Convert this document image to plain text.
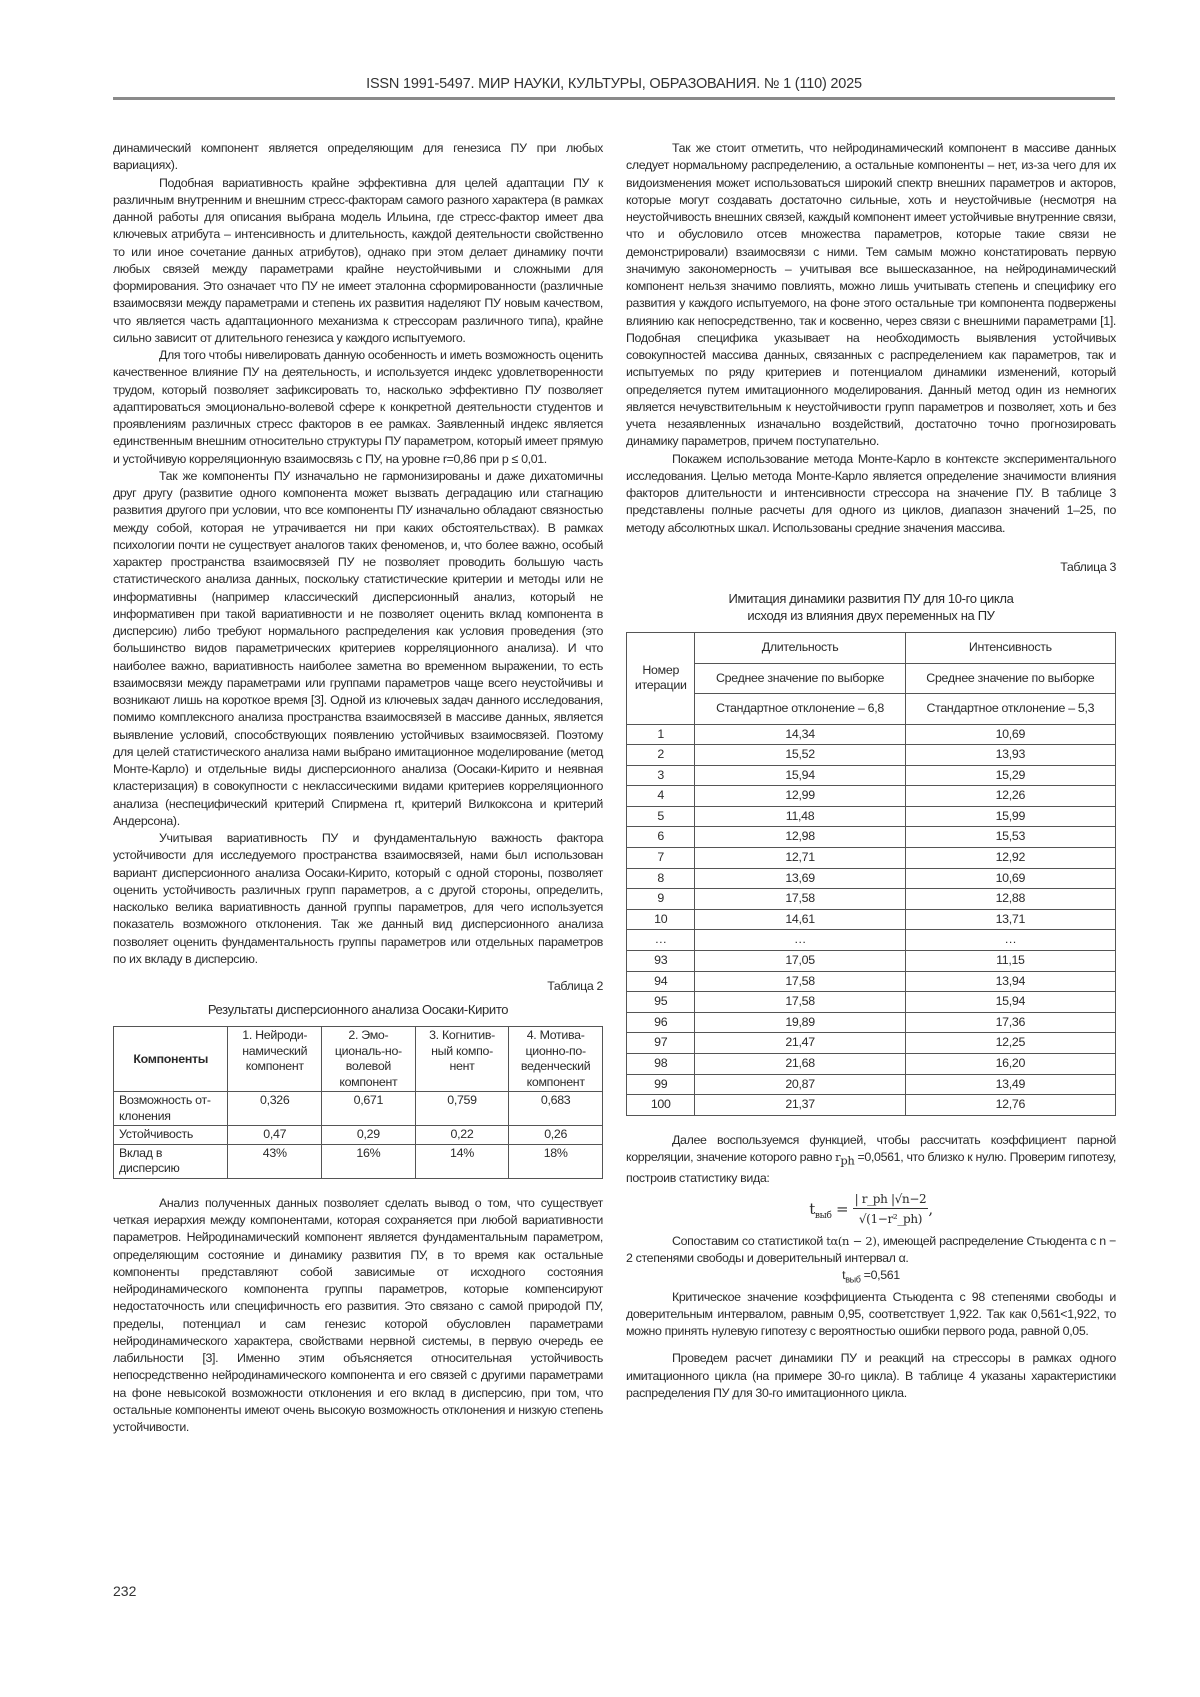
ISSN 1991-5497. МИР НАУКИ, КУЛЬТУРЫ, ОБРАЗОВАНИЯ. № 1 (110) 2025

динамический компонент является определяющим для генезиса ПУ при любых вариациях).

Подобная вариативность крайне эффективна для целей адаптации ПУ к различным внутренним и внешним стресс-факторам самого разного характера (в рамках данной работы для описания выбрана модель Ильина, где стресс-фактор имеет два ключевых атрибута – интенсивность и длительность, каждой деятельности свойственно то или иное сочетание данных атрибутов), однако при этом делает динамику почти любых связей между параметрами крайне неустойчивыми и сложными для формирования. Это означает что ПУ не имеет эталонна сформированности (различные взаимосвязи между параметрами и степень их развития наделяют ПУ новым качеством, что является часть адаптационного механизма к стрессорам различного типа), крайне сильно зависит от длительного генезиса у каждого испытуемого.

Для того чтобы нивелировать данную особенность и иметь возможность оценить качественное влияние ПУ на деятельность, и используется индекс удовлетворенности трудом, который позволяет зафиксировать то, насколько эффективно ПУ позволяет адаптироваться эмоционально-волевой сфере к конкретной деятельности студентов и проявлениям различных стресс факторов в ее рамках. Заявленный индекс является единственным внешним относительно структуры ПУ параметром, который имеет прямую и устойчивую корреляционную взаимосвязь с ПУ, на уровне r=0,86 при p ≤ 0,01.

Так же компоненты ПУ изначально не гармонизированы и даже дихатомичны друг другу (развитие одного компонента может вызвать деградацию или стагнацию развития другого при условии, что все компоненты ПУ изначально обладают связностью между собой, которая не утрачивается ни при каких обстоятельствах). В рамках психологии почти не существует аналогов таких феноменов, и, что более важно, особый характер пространства взаимосвязей ПУ не позволяет проводить большую часть статистического анализа данных, поскольку статистические критерии и методы или не информативны (например классический дисперсионный анализ, который не информативен при такой вариативности и не позволяет оценить вклад компонента в дисперсию) либо требуют нормального распределения как условия проведения (это большинство видов параметрических критериев корреляционного анализа). И что наиболее важно, вариативность наиболее заметна во временном выражении, то есть взаимосвязи между параметрами или группами параметров чаще всего неустойчивы и возникают лишь на короткое время [3]. Одной из ключевых задач данного исследования, помимо комплексного анализа пространства взаимосвязей в массиве данных, является выявление условий, способствующих появлению устойчивых взаимосвязей. Поэтому для целей статистического анализа нами выбрано имитационное моделирование (метод Монте-Карло) и отдельные виды дисперсионного анализа (Оосаки-Кирито и неявная кластеризация) в совокупности с неклассическими видами критериев корреляционного анализа (неспецифический критерий Спирмена rt, критерий Вилкоксона и критерий Андерсона).

Учитывая вариативность ПУ и фундаментальную важность фактора устойчивости для исследуемого пространства взаимосвязей, нами был использован вариант дисперсионного анализа Оосаки-Кирито, который с одной стороны, позволяет оценить устойчивость различных групп параметров, а с другой стороны, определить, насколько велика вариативность данной группы параметров, для чего используется показатель возможного отклонения. Так же данный вид дисперсионного анализа позволяет оценить фундаментальность группы параметров или отдельных параметров по их вкладу в дисперсию.

Таблица 2

Результаты дисперсионного анализа Оосаки-Кирито

Компоненты	1. Нейроди-намический компонент	2. Эмо-циональ-но-волевой компонент	3. Когнитив-ный компо-нент	4. Мотива-ционно-по-веденческий компонент
Возможность от-клонения	0,326	0,671	0,759	0,683
Устойчивость	0,47	0,29	0,22	0,26
Вклад в дисперсию	43%	16%	14%	18%

Анализ полученных данных позволяет сделать вывод о том, что существует четкая иерархия между компонентами, которая сохраняется при любой вариативности параметров. Нейродинамический компонент является фундаментальным параметром, определяющим состояние и динамику развития ПУ, в то время как остальные компоненты представляют собой зависимые от исходного состояния нейродинамического компонента группы параметров, которые компенсируют недостаточность или специфичность его развития. Это связано с самой природой ПУ, пределы, потенциал и сам генезис которой обусловлен параметрами нейродинамического характера, свойствами нервной системы, в первую очередь ее лабильности [3]. Именно этим объясняется относительная устойчивость непосредственно нейродинамического компонента и его связей с другими параметрами на фоне невысокой возможности отклонения и его вклад в дисперсию, при том, что остальные компоненты имеют очень высокую возможность отклонения и низкую степень устойчивости.

Так же стоит отметить, что нейродинамический компонент в массиве данных следует нормальному распределению, а остальные компоненты – нет, из-за чего для их видоизменения может использоваться широкий спектр внешних параметров и акторов, которые могут создавать достаточно сильные, хоть и неустойчивые (несмотря на неустойчивость внешних связей, каждый компонент имеет устойчивые внутренние связи, что и обусловило отсев множества параметров, которые такие связи не демонстрировали) взаимосвязи с ними. Тем самым можно констатировать первую значимую закономерность – учитывая все вышесказанное, на нейродинамический компонент нельзя значимо повлиять, можно лишь учитывать степень и специфику его развития у каждого испытуемого, на фоне этого остальные три компонента подвержены влиянию как непосредственно, так и косвенно, через связи с внешними параметрами [1]. Подобная специфика указывает на необходимость выявления устойчивых совокупностей массива данных, связанных с распределением как параметров, так и испытуемых по ряду критериев и потенциалом динамики изменений, который определяется путем имитационного моделирования. Данный метод один из немногих является нечувствительным к неустойчивости групп параметров и позволяет, хоть и без учета незаявленных изначально воздействий, достаточно точно прогнозировать динамику параметров, причем поступательно.

Покажем использование метода Монте-Карло в контексте экспериментального исследования. Целью метода Монте-Карло является определение значимости влияния факторов длительности и интенсивности стрессора на значение ПУ. В таблице 3 представлены полные расчеты для одного из циклов, диапазон значений 1–25, по методу абсолютных шкал. Использованы средние значения массива.

Таблица 3

Имитация динамики развития ПУ для 10-го цикла
исходя из влияния двух переменных на ПУ

Номер итерации	Длительность	Интенсивность
	Среднее значение по выборке	Среднее значение по выборке
	Стандартное отклонение – 6,8	Стандартное отклонение – 5,3
1	14,34	10,69
2	15,52	13,93
3	15,94	15,29
4	12,99	12,26
5	11,48	15,99
6	12,98	15,53
7	12,71	12,92
8	13,69	10,69
9	17,58	12,88
10	14,61	13,71
…	…	…
93	17,05	11,15
94	17,58	13,94
95	17,58	15,94
96	19,89	17,36
97	21,47	12,25
98	21,68	16,20
99	20,87	13,49
100	21,37	12,76

Далее воспользуемся функцией, чтобы рассчитать коэффициент парной корреляции, значение которого равно $r_{ph} =0,0561$, что близко к нулю. Проверим гипотезу, построив статистику вида:

$t_{выб} = \frac{| r\_ph |√n-2}{\text{√(1−r²\_ph)}}$ ,

Сопоставим со статистикой tα(n − 2), имеющей распределение Стьюдента с n − 2 степенями свободы и доверительный интервал α.

$t_{выб} =0,561$

Критическое значение коэффициента Стьюдента с 98 степенями свободы и доверительным интервалом, равным 0,95, соответствует 1,922. Так как 0,561<1,922, то можно принять нулевую гипотезу с вероятностью ошибки первого рода, равной 0,05.

Проведем расчет динамики ПУ и реакций на стрессоры в рамках одного имитационного цикла (на примере 30-го цикла). В таблице 4 указаны характеристики распределения ПУ для 30-го имитационного цикла.

232
